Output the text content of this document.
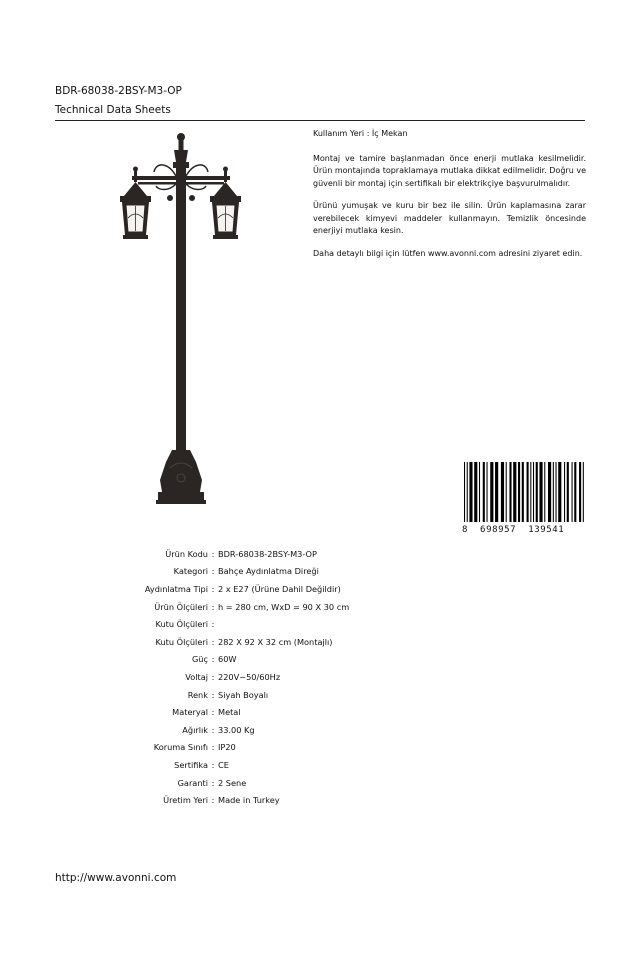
BDR-68038-2BSY-M3-OP
Technical Data Sheets

Kullanım Yeri : İç Mekan

Montaj ve tamire başlanmadan önce enerji mutlaka kesilmelidir. Ürün montajında topraklamaya mutlaka dikkat edilmelidir. Doğru ve güvenli bir montaj için sertifikalı bir elektrikçiye başvurulmalıdır.

Ürünü yumuşak ve kuru bir bez ile silin. Ürün kaplamasına zarar verebilecek kimyevi maddeler kullanmayın. Temizlik öncesinde enerjiyi mutlaka kesin.

Daha detaylı bilgi için lütfen www.avonni.com adresini ziyaret edin.

8  698957  139541
Ürün Kodu : BDR-68038-2BSY-M3-OP
Kategori : Bahçe Aydınlatma Direği
Aydınlatma Tipi : 2 x E27 (Ürüne Dahil Değildir)
Ürün Ölçüleri : h = 280 cm, WxD = 90 X 30 cm
Kutu Ölçüleri :
Kutu Ölçüleri : 282 X 92 X 32 cm (Montajlı)
Güç : 60W
Voltaj : 220V~50/60Hz
Renk : Siyah Boyalı
Materyal : Metal
Ağırlık : 33.00 Kg
Koruma Sınıfı : IP20
Sertifika : CE
Garanti : 2 Sene
Üretim Yeri : Made in Turkey
http://www.avonni.com
